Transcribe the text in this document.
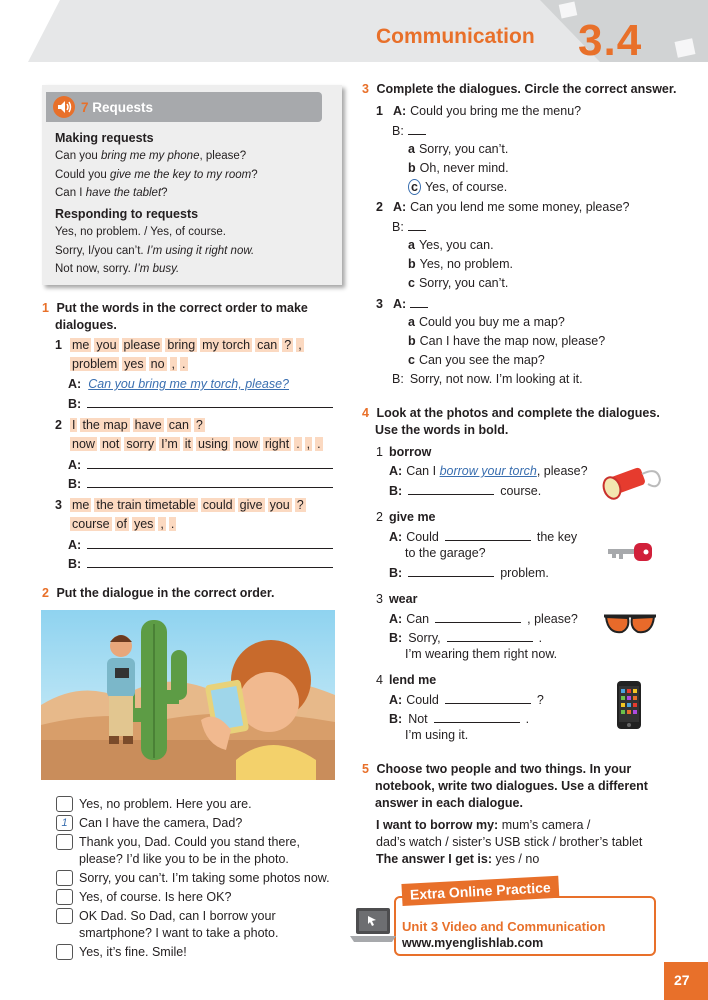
Communication 3.4
7 Requests
Making requests
Can you bring me my phone, please?
Could you give me the key to my room?
Can I have the tablet?
Responding to requests
Yes, no problem. / Yes, of course.
Sorry, I/you can’t. I’m using it right now.
Not now, sorry. I’m busy.
1 Put the words in the correct order to make
dialogues.
1 me you please bring my torch can ? ,
problem yes no , .
A: Can you bring me my torch, please?
B:
2 I the map have can ?
now not sorry I’m it using now right . , .
A:
B:
3 me the train timetable could give you ?
course of yes , .
A:
B:
2 Put the dialogue in the correct order.
Yes, no problem. Here you are.
1 Can I have the camera, Dad?
Thank you, Dad. Could you stand there,
please? I’d like you to be in the photo.
Sorry, you can’t. I’m taking some photos now.
Yes, of course. Is here OK?
OK Dad. So Dad, can I borrow your
smartphone? I want to take a photo.
Yes, it’s fine. Smile!
3 Complete the dialogues. Circle the correct answer.
1 A: Could you bring me the menu?
B:
a Sorry, you can’t.
b Oh, never mind.
c Yes, of course.
2 A: Can you lend me some money, please?
B:
a Yes, you can.
b Yes, no problem.
c Sorry, you can’t.
3 A:
B: Sorry, not now. I’m looking at it.
a Could you buy me a map?
b Can I have the map now, please?
c Can you see the map?
4 Look at the photos and complete the dialogues.
Use the words in bold.
1 borrow
A: Can I borrow your torch, please?
B:	course.
2 give me
A: Could	the key
to the garage?
B:	problem.
3 wear
A: Can	, please?
B: Sorry,	.
I’m wearing them right now.
4 lend me
A: Could	?
B: Not	.
I’m using it.
5 Choose two people and two things. In your
notebook, write two dialogues. Use a different
answer in each dialogue.
I want to borrow my: mum’s camera /
dad’s watch / sister’s USB stick / brother’s tablet
The answer I get is: yes / no
Extra Online Practice
Unit 3 Video and Communication
www.myenglishlab.com
27
